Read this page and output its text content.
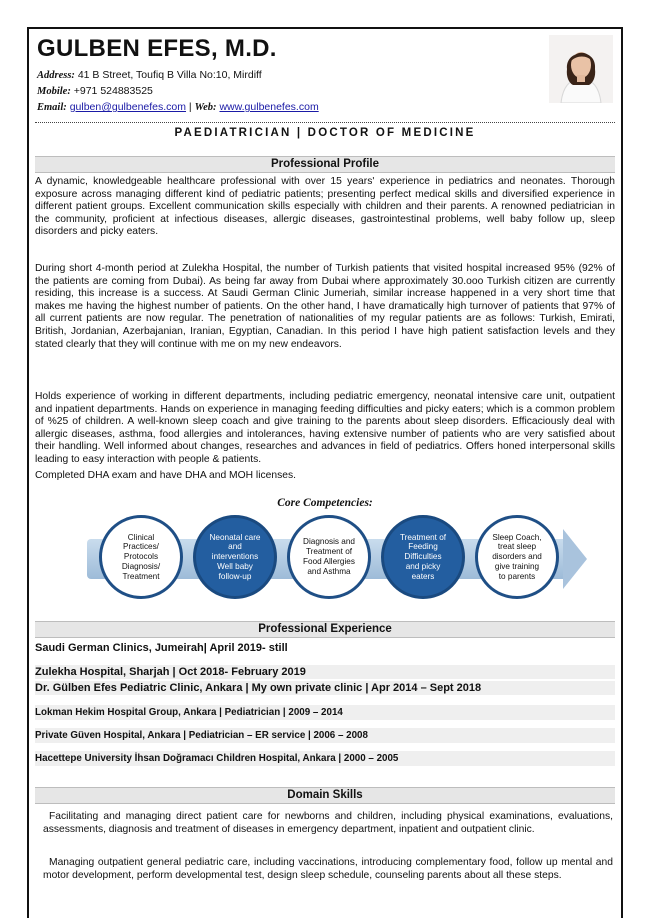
GULBEN EFES, M.D.
Address: 41 B Street, Toufiq B Villa No:10, Mirdiff
Mobile: +971 524883525
Email: gulben@gulbenefes.com | Web: www.gulbenefes.com
PAEDIATRICIAN | DOCTOR OF MEDICINE
Professional Profile
A dynamic, knowledgeable healthcare professional with over 15 years' experience in pediatrics and neonates. Thorough exposure across managing different kind of pediatric patients; presenting perfect medical skills and diversified experience in different patient groups. Excellent communication skills especially with children and their parents. A renowned pediatrician in the community, proficient at infectious diseases, allergic diseases, gastrointestinal problems, well baby follow up, sleep disorders and picky eaters.
During short 4-month period at Zulekha Hospital, the number of Turkish patients that visited hospital increased 95% (92% of the patients are coming from Dubai). As being far away from Dubai where approximately 30.ooo Turkish citizen are currently residing, this increase is a success. At Saudi German Clinic Jumeriah, similar increase happened in a very short time that makes me having the highest number of patients. On the other hand, I have dramatically high turnover of patients that 97% of all current patients are now regular. The penetration of nationalities of my regular patients are as follows: Turkish, Emirati, British, Jordanian, Azerbajanian, Iranian, Egyptian, Canadian. In this period I have high patient satisfaction levels and they stated clearly that they will continue with me on my new endeavors.
Holds experience of working in different departments, including pediatric emergency, neonatal intensive care unit, outpatient and inpatient departments. Hands on experience in managing feeding difficulties and picky eaters; which is a common problem of %25 of children. A well-known sleep coach and give training to the parents about sleep disorders. Efficaciously deal with allergic diseases, asthma, food allergies and intolerances, having extensive number of patients who are very satisfied about their handling. Well informed about changes, researches and advances in field of pediatrics. Offers honed interpersonal skills leading to easy interaction with people & patients.
Completed DHA exam and have DHA and MOH licenses.
Core Competencies:
Clinical
Practices/
Protocols
Diagnosis/
Treatment
Neonatal care
and
interventions
Well baby
follow-up
Diagnosis and
Treatment of
Food Allergies
and Asthma
Treatment of
Feeding
Difficulties
and picky
eaters
Sleep Coach,
treat sleep
disorders and
give training
to parents
Professional Experience
Saudi German Clinics, Jumeirah| April 2019- still
Zulekha Hospital, Sharjah | Oct 2018- February 2019
Dr. Gülben Efes Pediatric Clinic, Ankara | My own private clinic | Apr 2014 – Sept 2018
Lokman Hekim Hospital Group, Ankara | Pediatrician | 2009 – 2014
Private Güven Hospital, Ankara | Pediatrician – ER service | 2006 – 2008
Hacettepe University İhsan Doğramacı Children Hospital, Ankara | 2000 – 2005
Domain Skills
Facilitating and managing direct patient care for newborns and children, including physical examinations, evaluations, assessments, diagnosis and treatment of diseases in emergency department, inpatient and outpatient clinic.
Managing outpatient general pediatric care, including vaccinations, introducing complementary food, follow up mental and motor development, perform developmental test, design sleep schedule, counseling parents about all these steps.
